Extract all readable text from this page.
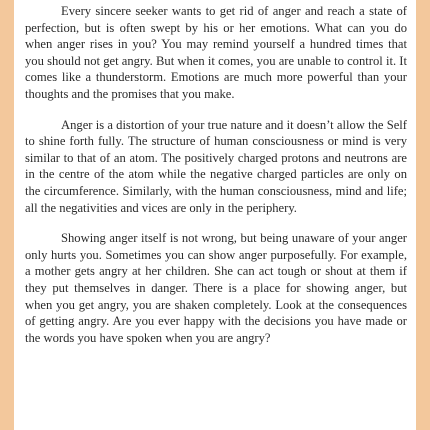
Every sincere seeker wants to get rid of anger and reach a state of perfection, but is often swept by his or her emotions. What can you do when anger rises in you? You may remind yourself a hundred times that you should not get angry. But when it comes, you are unable to control it. It comes like a thunderstorm. Emotions are much more powerful than your thoughts and the promises that you make.

Anger is a distortion of your true nature and it doesn’t allow the Self to shine forth fully. The structure of human consciousness or mind is very similar to that of an atom. The positively charged protons and neutrons are in the centre of the atom while the negative charged particles are only on the circumference. Similarly, with the human consciousness, mind and life; all the negativities and vices are only in the periphery.

Showing anger itself is not wrong, but being unaware of your anger only hurts you. Sometimes you can show anger purposefully. For example, a mother gets angry at her children. She can act tough or shout at them if they put themselves in danger. There is a place for showing anger, but when you get angry, you are shaken completely. Look at the consequences of getting angry. Are you ever happy with the decisions you have made or the words you have spoken when you are angry?
